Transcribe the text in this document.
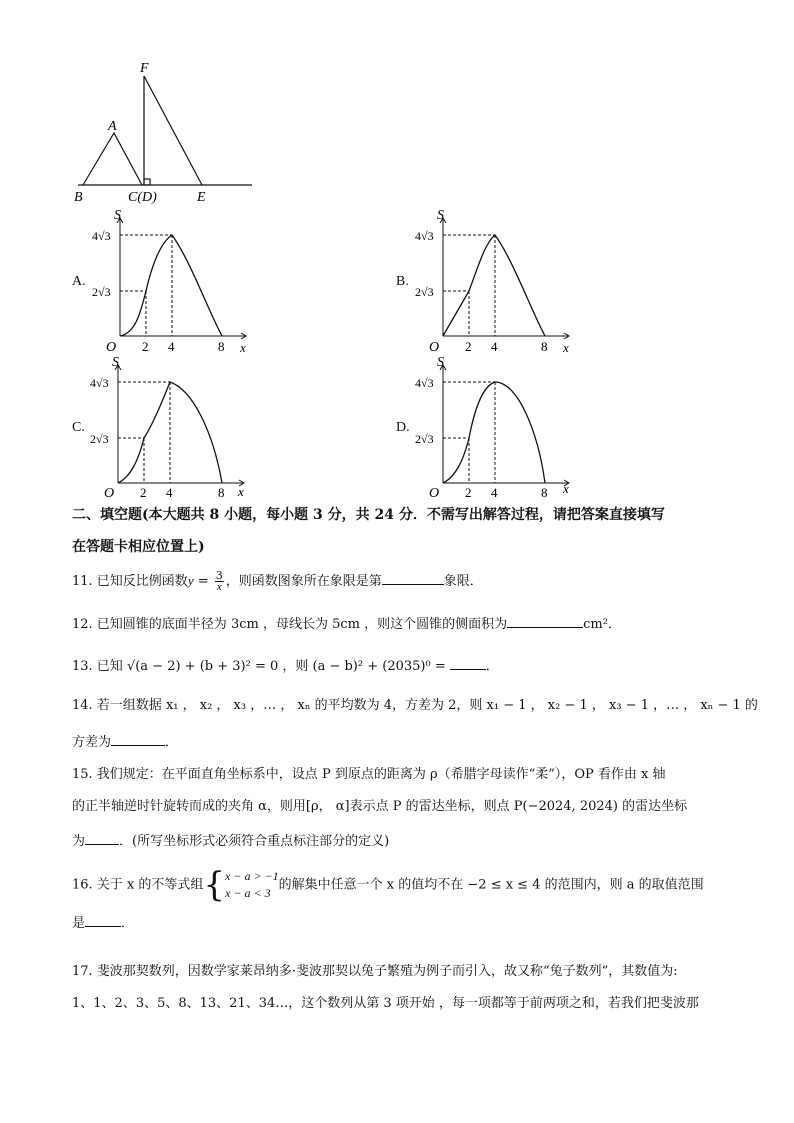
F
A
B	C(D)	E
A.
S
x
O
4√3
2√3
2 4	8
B.
S
x
O
4√3
2√3
2 4	8
C.
S
x
O
4√3
2√3
2 4	8
D.
S
x
O
4√3
2√3
2 4	8
二、填空题(本大题共 8 小题，每小题 3 分，共 24 分．不需写出解答过程，请把答案直接填写
在答题卡相应位置上)
11. 已知反比例函数$y = \frac{3}{x}$ ，则函数图象所在象限是第	象限．
12. 已知圆锥的底面半径为 3cm ，母线长为 5cm ，则这个圆锥的侧面积为	cm²．
13. 已知 √(a − 2) + (b + 3)² = 0 ，则 (a − b)² + (2035)⁰ =	．
14. 若一组数据 x₁ ， x₂ ， x₃ ，… ， xₙ 的平均数为 4，方差为 2，则 x₁ − 1 ， x₂ − 1 ， x₃ − 1 ，… ， xₙ − 1 的
方差为	．
15. 我们规定：在平面直角坐标系中，设点 P 到原点的距离为 ρ（希腊字母读作“柔”），OP 看作由 x 轴
的正半轴逆时针旋转而成的夹角 α，则用[ρ， α]表示点 P 的雷达坐标，则点 P(−2024, 2024) 的雷达坐标
为	．(所写坐标形式必须符合重点标注部分的定义)
16. 关于 x 的不等式组{ x − a > −1
x − a < 3
的解集中任意一个 x 的值均不在 −2 ≤ x ≤ 4 的范围内，则 a 的取值范围
是	．
17. 斐波那契数列，因数学家莱昂纳多·斐波那契以兔子繁殖为例子而引入，故又称“兔子数列”，其数值为:
1、1、2、3、5、8、13、21、34…，这个数列从第 3 项开始 ，每一项都等于前两项之和，若我们把斐波那
